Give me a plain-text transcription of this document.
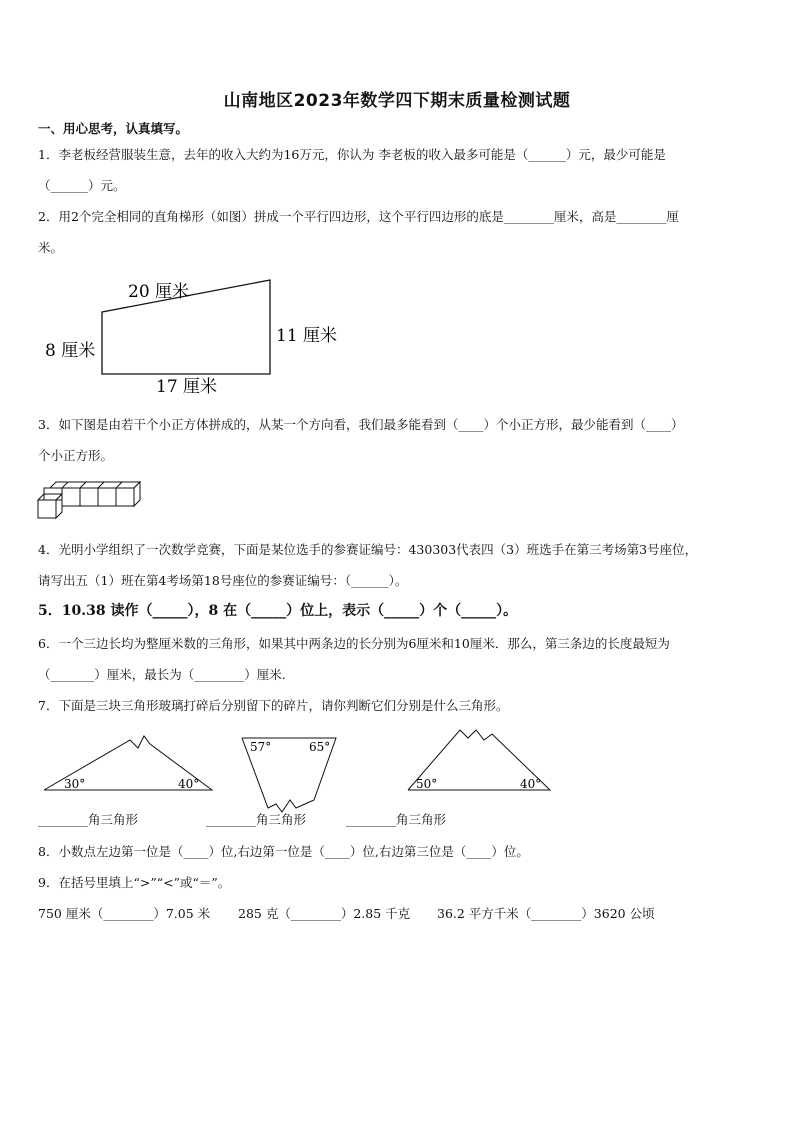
山南地区2023年数学四下期末质量检测试题
一、用心思考，认真填写。
1．李老板经营服装生意，去年的收入大约为16万元，你认为 李老板的收入最多可能是（______）元，最少可能是
（______）元。
2．用2个完全相同的直角梯形（如图）拼成一个平行四边形，这个平行四边形的底是________厘米，高是________厘
米。
20 厘米
8 厘米
11 厘米
17 厘米
30°	40°
57°	65°
50°	40°
3．如下图是由若干个小正方体拼成的，从某一个方向看，我们最多能看到（____）个小正方形，最少能看到（____）
个小正方形。
4．光明小学组织了一次数学竞赛，下面是某位选手的参赛证编号：430303代表四（3）班选手在第三考场第3号座位，
请写出五（1）班在第4考场第18号座位的参赛证编号：（______）。
5．10.38 读作（_____），8 在（_____）位上，表示（_____）个（_____）。
6．一个三边长均为整厘米数的三角形，如果其中两条边的长分别为6厘米和10厘米．那么，第三条边的长度最短为
（_______）厘米，最长为（________）厘米.
7．下面是三块三角形玻璃打碎后分别留下的碎片，请你判断它们分别是什么三角形。
________角三角形	________角三角形	________角三角形
8．小数点左边第一位是（____）位,右边第一位是（____）位,右边第三位是（____）位。
9．在括号里填上“>”“<”或“＝”。
750 厘米（________）7.05 米	285 克（________）2.85 千克	36.2 平方千米（________）3620 公顷
